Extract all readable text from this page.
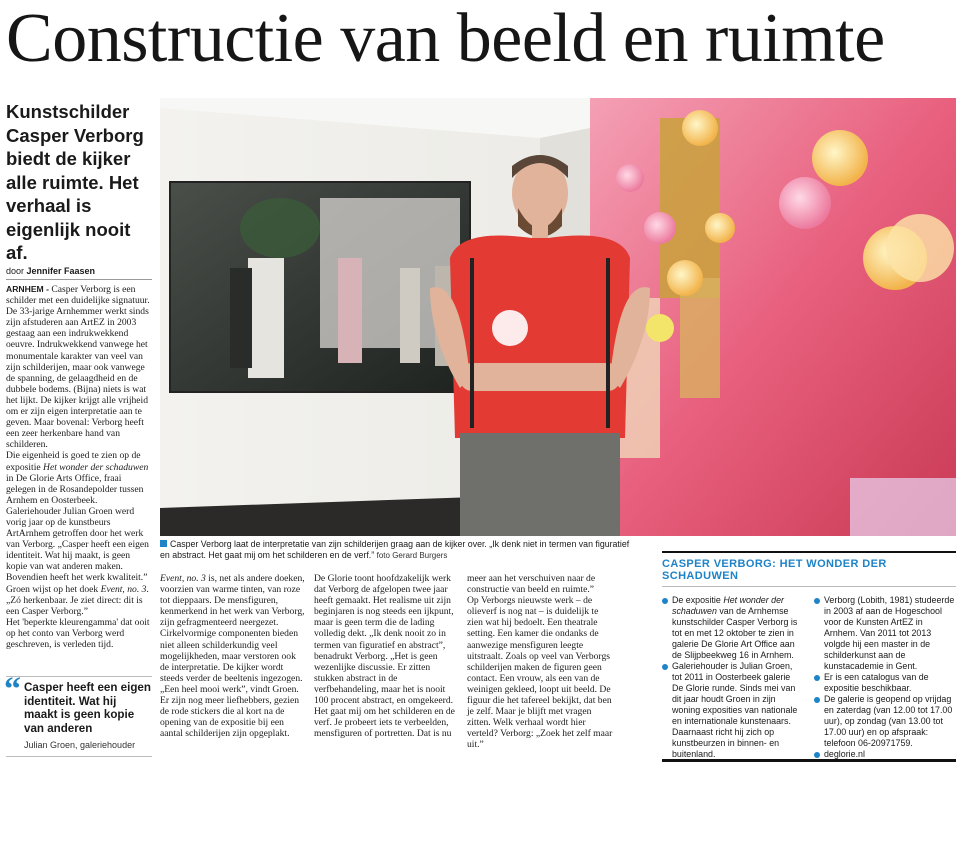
Constructie van beeld en ruimte
Kunstschilder Casper Verborg biedt de kijker alle ruimte. Het verhaal is eigenlijk nooit af.
door Jennifer Faasen

ARNHEM - Casper Verborg is een schilder met een duidelijke signatuur. De 33-jarige Arnhemmer werkt sinds zijn afstuderen aan ArtEZ in 2003 gestaag aan een indrukwekkend oeuvre. Indrukwekkend vanwege het monumentale karakter van veel van zijn schilderijen, maar ook vanwege de spanning, de gelaagdheid en de dubbele bodems. (Bijna) niets is wat het lijkt. De kijker krijgt alle vrijheid om er zijn eigen interpretatie aan te geven. Maar bovenal: Verborg heeft een zeer herkenbare hand van schilderen.

Die eigenheid is goed te zien op de expositie Het wonder der schaduwen in De Glorie Arts Office, fraai gelegen in de Rosandepolder tussen Arnhem en Oosterbeek. Galeriehouder Julian Groen werd vorig jaar op de kunstbeurs ArtArnhem getroffen door het werk van Verborg. „Casper heeft een eigen identiteit. Wat hij maakt, is geen kopie van wat anderen maken. Bovendien heeft het werk kwaliteit.”

Groen wijst op het doek Event, no. 3. „Zó herkenbaar. Je ziet direct: dit is een Casper Verborg.”

Het 'beperkte kleurengamma' dat ooit op het conto van Verborg werd geschreven, is verleden tijd.

“ Casper heeft een eigen identiteit. Wat hij maakt is geen kopie van anderen
Julian Groen, galeriehouder
Casper Verborg laat de interpretatie van zijn schilderijen graag aan de kijker over. „Ik denk niet in termen van figuratief en abstract. Het gaat mij om het schilderen en de verf.” foto Gerard Burgers

Event, no. 3 is, net als andere doeken, voorzien van warme tinten, van roze tot dieppaars. De mensfiguren, kenmerkend in het werk van Verborg, zijn gefragmenteerd neergezet. Cirkelvormige componenten bieden niet alleen schilderkundig veel mogelijkheden, maar verstoren ook de interpretatie. De kijker wordt steeds verder de beeltenis ingezogen. „Een heel mooi werk”, vindt Groen. Er zijn nog meer liefhebbers, gezien de rode stickers die al kort na de opening van de expositie bij een aantal schilderijen zijn opgeplakt.

De Glorie toont hoofdzakelijk werk dat Verborg de afgelopen twee jaar heeft gemaakt. Het realisme uit zijn beginjaren is nog steeds een ijkpunt, maar is geen term die de lading volledig dekt. „Ik denk nooit zo in termen van figuratief en abstract”, benadrukt Verborg. „Het is geen wezenlijke discussie. Er zitten stukken abstract in de verfbehandeling, maar het is nooit 100 procent abstract, en omgekeerd. Het gaat mij om het schilderen en de verf. Je probeert iets te verbeelden, mensfiguren of portretten. Dat is nu

meer aan het verschuiven naar de constructie van beeld en ruimte.”

Op Verborgs nieuwste werk – de olieverf is nog nat – is duidelijk te zien wat hij bedoelt. Een theatrale setting. Een kamer die ondanks de aanwezige mensfiguren leegte uitstraalt. Zoals op veel van Verborgs schilderijen maken de figuren geen contact. Een vrouw, als een van de weinigen gekleed, loopt uit beeld. De figuur die het tafereel bekijkt, dat ben je zelf. Maar je blijft met vragen zitten. Welk verhaal wordt hier verteld? Verborg: „Zoek het zelf maar uit.”

CASPER VERBORG: HET WONDER DER SCHADUWEN
De expositie Het wonder der schaduwen van de Arnhemse kunstschilder Casper Verborg is tot en met 12 oktober te zien in galerie De Glorie Art Office aan de Slijpbeekweg 16 in Arnhem.
Galeriehouder is Julian Groen, tot 2011 in Oosterbeek galerie De Glorie runde. Sinds mei van dit jaar houdt Groen in zijn woning exposities van nationale en internationale kunstenaars. Daarnaast richt hij zich op kunstbeurzen in binnen- en buitenland.
Verborg (Lobith, 1981) studeerde in 2003 af aan de Hogeschool voor de Kunsten ArtEZ in Arnhem. Van 2011 tot 2013 volgde hij een master in de schilderkunst aan de kunstacademie in Gent.
Er is een catalogus van de expositie beschikbaar.
De galerie is geopend op vrijdag en zaterdag (van 12.00 tot 17.00 uur), op zondag (van 13.00 tot 17.00 uur) en op afspraak: telefoon 06-20971759.
deglorie.nl
